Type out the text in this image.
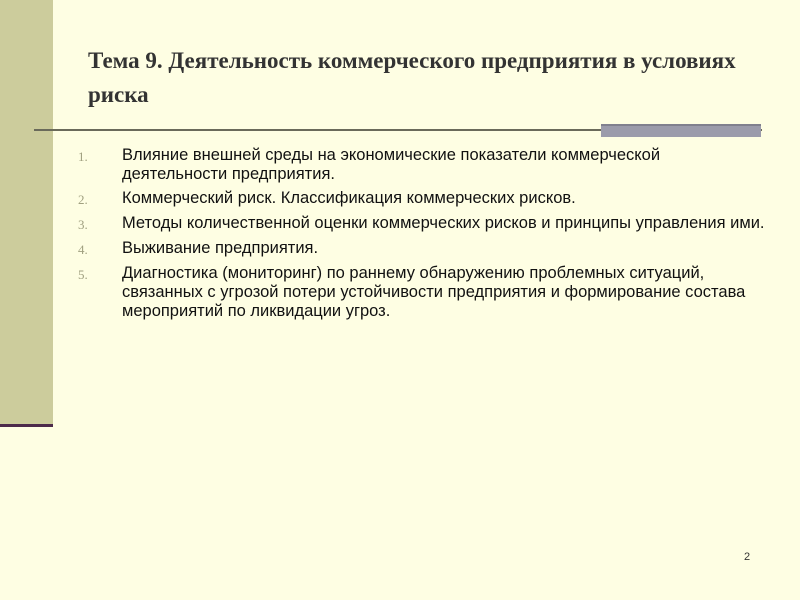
Тема 9. Деятельность коммерческого предприятия в условиях риска
1.	Влияние внешней среды на экономические показатели коммерческой деятельности предприятия.
2.	Коммерческий риск. Классификация коммерческих рисков.
3.	Методы количественной оценки коммерческих рисков и принципы управления ими.
4.	Выживание предприятия.
5.	Диагностика (мониторинг) по раннему обнаружению проблемных ситуаций, связанных с угрозой потери устойчивости предприятия и формирование состава мероприятий по ликвидации угроз.
2
